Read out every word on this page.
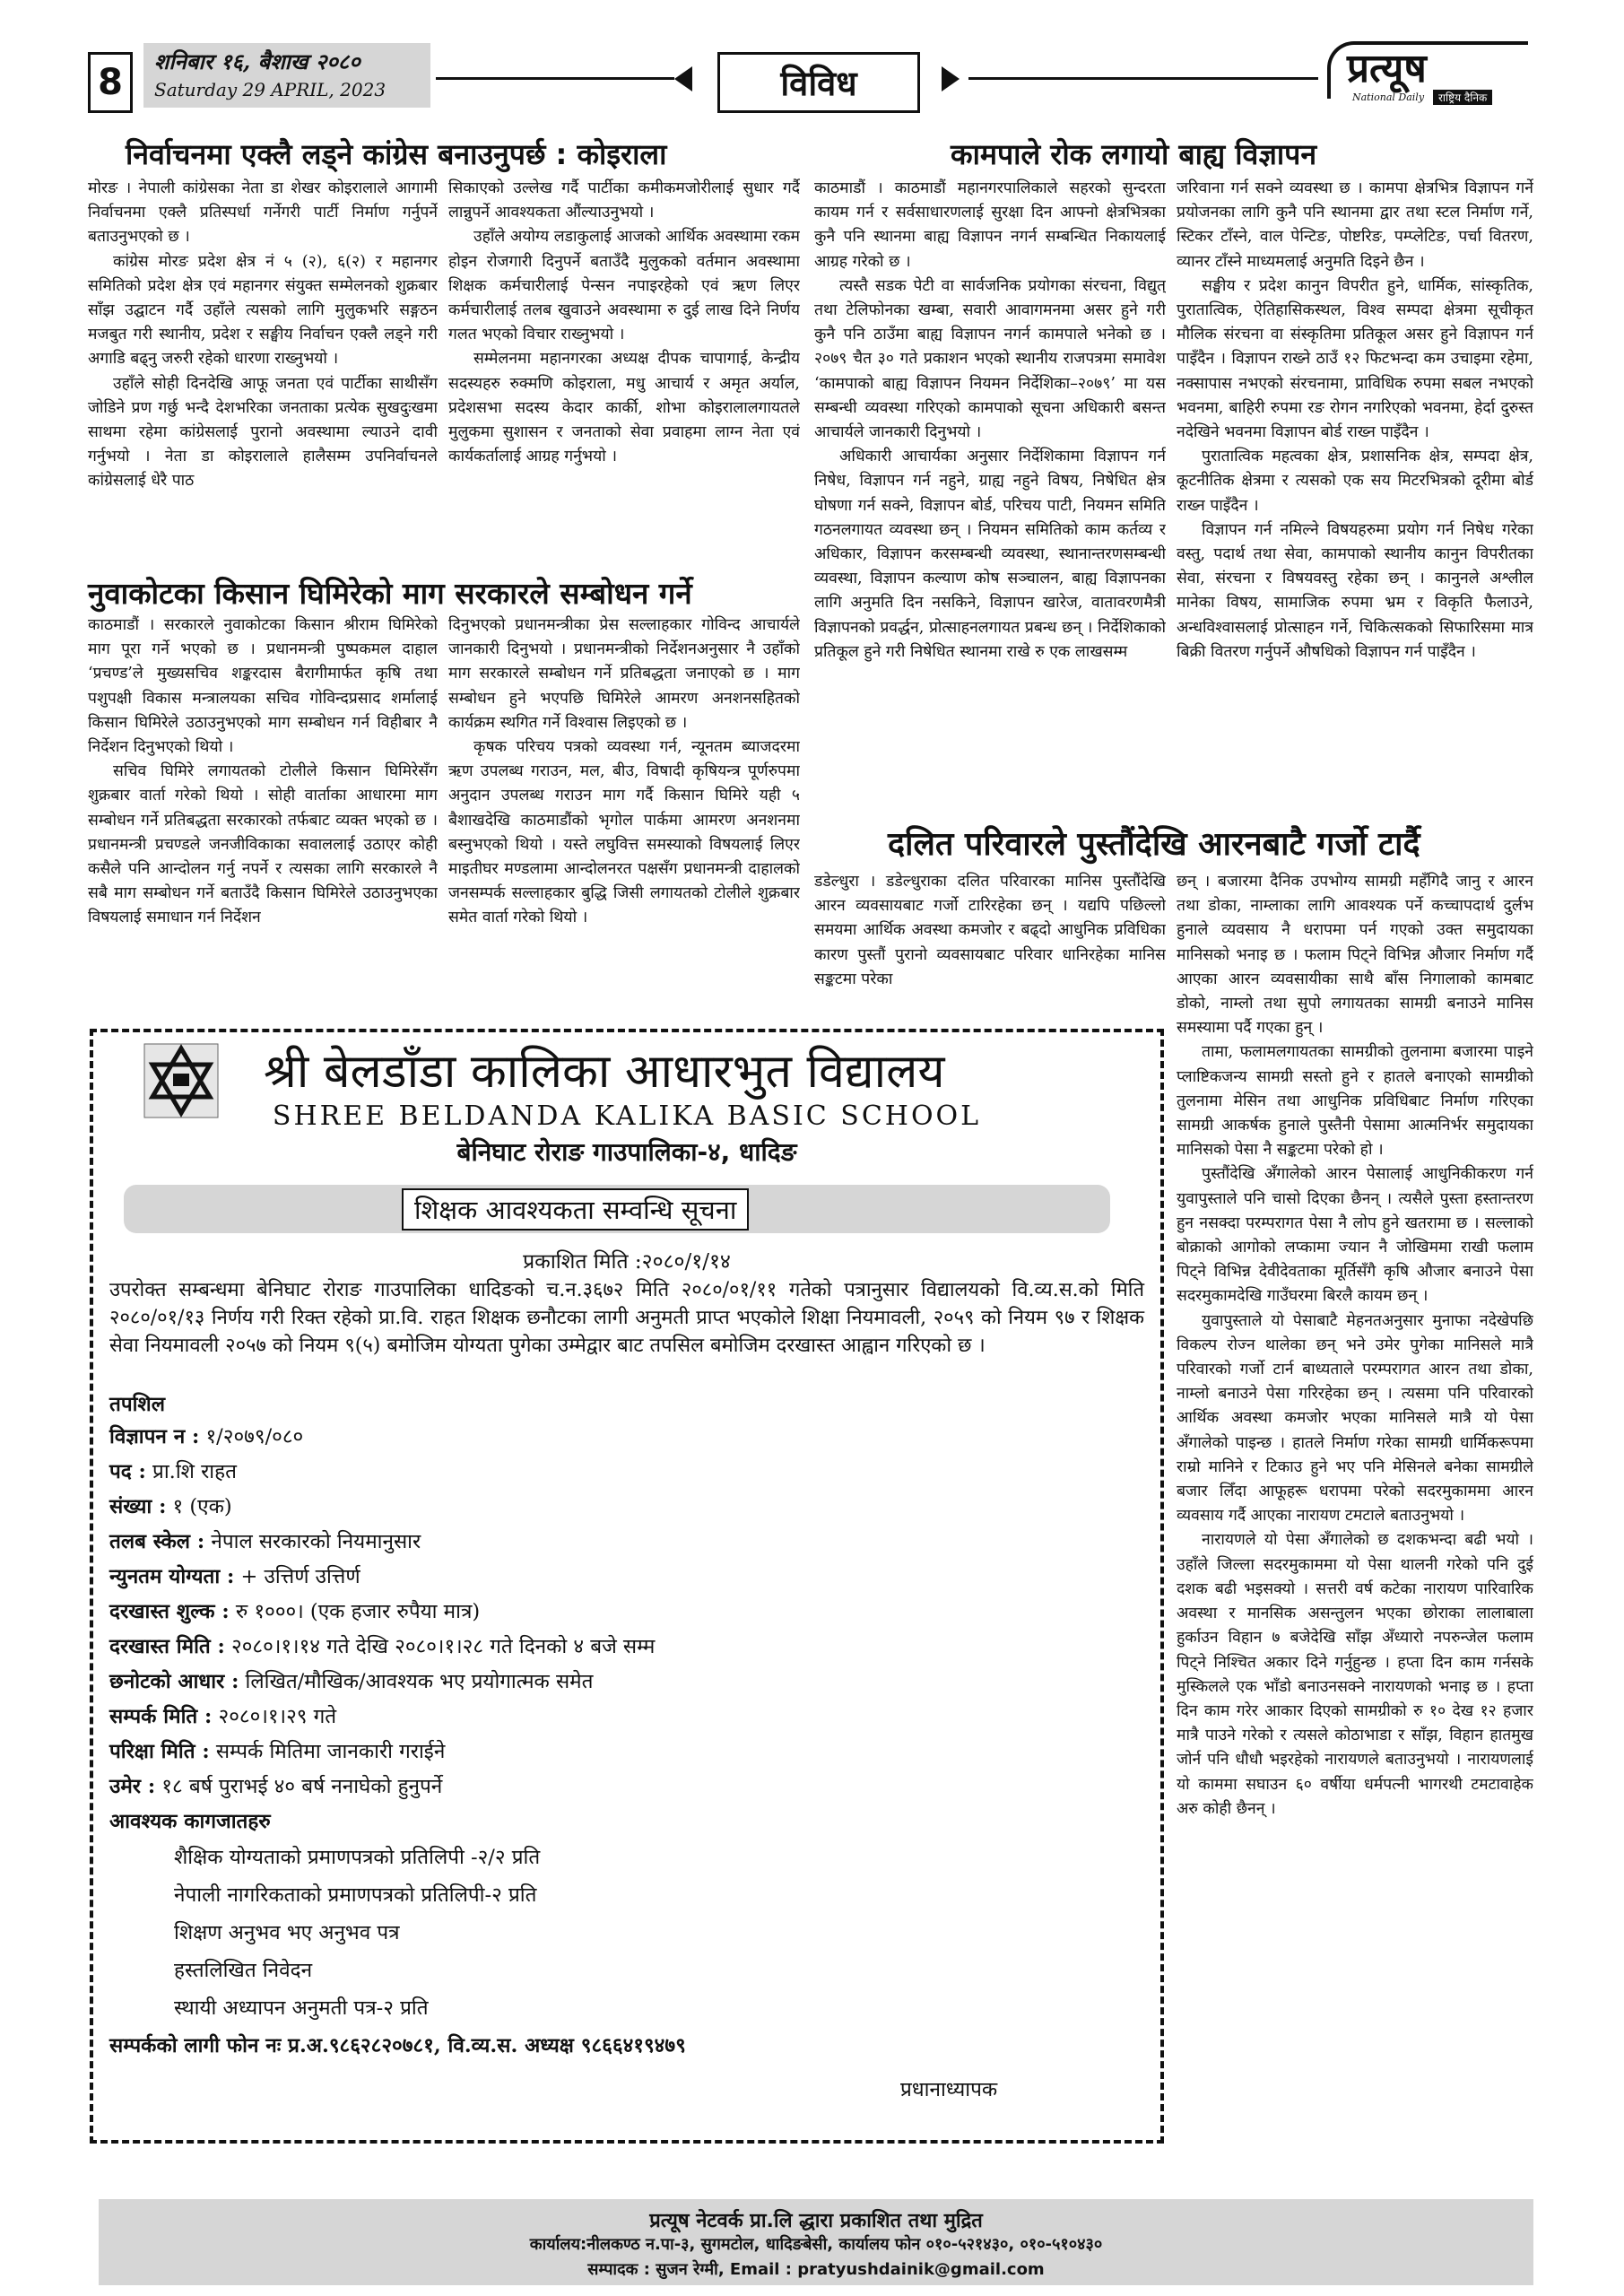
8
शनिबार १६, बैशाख २०८०
Saturday 29 APRIL, 2023	विविध	प्रत्यूष
National Daily	राष्ट्रिय दैनिक
निर्वाचनमा एक्लै लड्ने कांग्रेस बनाउनुपर्छ : कोइराला

मोरङ । नेपाली कांग्रेसका नेता डा शेखर कोइरालाले आगामी निर्वाचनमा एक्लै प्रतिस्पर्धा गर्नेगरी पार्टी निर्माण गर्नुपर्ने बताउनुभएको छ ।

कांग्रेस मोरङ प्रदेश क्षेत्र नं ५ (२), ६(२) र महानगर समितिको प्रदेश क्षेत्र एवं महानगर संयुक्त सम्मेलनको शुक्रबार साँझ उद्घाटन गर्दै उहाँले त्यसको लागि मुलुकभरि सङ्गठन मजबुत गरी स्थानीय, प्रदेश र सङ्घीय निर्वाचन एक्लै लड्ने गरी अगाडि बढ्नु जरुरी रहेको धारणा राख्नुभयो ।

उहाँले सोही दिनदेखि आफू जनता एवं पार्टीका साथीसँग जोडिने प्रण गर्छु भन्दै देशभरिका जनताका प्रत्येक सुखदुःखमा साथमा रहेमा कांग्रेसलाई पुरानो अवस्थामा ल्याउने दावी गर्नुभयो । नेता डा कोइरालाले हालैसम्म उपनिर्वाचनले कांग्रेसलाई धेरै पाठ

सिकाएको उल्लेख गर्दै पार्टीका कमीकमजोरीलाई सुधार गर्दै लान्नुपर्ने आवश्यकता औंल्याउनुभयो ।

उहाँले अयोग्य लडाकुलाई आजको आर्थिक अवस्थामा रकम होइन रोजगारी दिनुपर्ने बताउँदै मुलुकको वर्तमान अवस्थामा शिक्षक कर्मचारीलाई पेन्सन नपाइरहेको एवं ऋण लिएर कर्मचारीलाई तलब खुवाउने अवस्थामा रु दुई लाख दिने निर्णय गलत भएको विचार राख्नुभयो ।

सम्मेलनमा महानगरका अध्यक्ष दीपक चापागाई, केन्द्रीय सदस्यहरु रुक्मणि कोइराला, मधु आचार्य र अमृत अर्याल, प्रदेशसभा सदस्य केदार कार्की, शोभा कोइरालालगायतले मुलुकमा सुशासन र जनताको सेवा प्रवाहमा लाग्न नेता एवं कार्यकर्तालाई आग्रह गर्नुभयो ।

नुवाकोटका किसान घिमिरेको माग सरकारले सम्बोधन गर्ने

काठमाडौं । सरकारले नुवाकोटका किसान श्रीराम घिमिरेको माग पूरा गर्ने भएको छ । प्रधानमन्त्री पुष्पकमल दाहाल ‘प्रचण्ड’ले मुख्यसचिव शङ्करदास बैरागीमार्फत कृषि तथा पशुपक्षी विकास मन्त्रालयका सचिव गोविन्दप्रसाद शर्मालाई किसान घिमिरेले उठाउनुभएको माग सम्बोधन गर्न विहीबार नै निर्देशन दिनुभएको थियो ।

सचिव घिमिरे लगायतको टोलीले किसान घिमिरेसँग शुक्रबार वार्ता गरेको थियो । सोही वार्ताका आधारमा माग सम्बोधन गर्ने प्रतिबद्धता सरकारको तर्फबाट व्यक्त भएको छ ।प्रधानमन्त्री प्रचण्डले जनजीविकाका सवाललाई उठाएर कोही कसैले पनि आन्दोलन गर्नु नपर्ने र त्यसका लागि सरकारले नै सबै माग सम्बोधन गर्ने बताउँदै किसान घिमिरेले उठाउनुभएका विषयलाई समाधान गर्न निर्देशन

दिनुभएको प्रधानमन्त्रीका प्रेस सल्लाहकार गोविन्द आचार्यले जानकारी दिनुभयो । प्रधानमन्त्रीको निर्देशनअनुसार नै उहाँको माग सरकारले सम्बोधन गर्ने प्रतिबद्धता जनाएको छ । माग सम्बोधन हुने भएपछि घिमिरेले आमरण अनशनसहितको कार्यक्रम स्थगित गर्ने विश्वास लिइएको छ ।

कृषक परिचय पत्रको व्यवस्था गर्न, न्यूनतम ब्याजदरमा ऋण उपलब्ध गराउन, मल, बीउ, विषादी कृषियन्त्र पूर्णरुपमा अनुदान उपलब्ध गराउन माग गर्दै किसान घिमिरे यही ५ बैशाखदेखि काठमाडौंको भृगोल पार्कमा आमरण अनशनमा बस्नुभएको थियो । यस्ते लघुवित्त समस्याको विषयलाई लिएर माइतीघर मण्डलामा आन्दोलनरत पक्षसँग प्रधानमन्त्री दाहालको जनसम्पर्क सल्लाहकार बुद्धि जिसी लगायतको टोलीले शुक्रबार समेत वार्ता गरेको थियो ।

कामपाले रोक लगायो बाह्य विज्ञापन

काठमाडौं । काठमाडौं महानगरपालिकाले सहरको सुन्दरता कायम गर्न र सर्वसाधारणलाई सुरक्षा दिन आफ्नो क्षेत्रभित्रका कुनै पनि स्थानमा बाह्य विज्ञापन नगर्न सम्बन्धित निकायलाई आग्रह गरेको छ ।

त्यस्तै सडक पेटी वा सार्वजनिक प्रयोगका संरचना, विद्युत् तथा टेलिफोनका खम्बा, सवारी आवागमनमा असर हुने गरी कुनै पनि ठाउँमा बाह्य विज्ञापन नगर्न कामपाले भनेको छ । २०७९ चैत ३० गते प्रकाशन भएको स्थानीय राजपत्रमा समावेश ‘कामपाको बाह्य विज्ञापन नियमन निर्देशिका–२०७९’ मा यस सम्बन्धी व्यवस्था गरिएको कामपाको सूचना अधिकारी बसन्त आचार्यले जानकारी दिनुभयो ।

अधिकारी आचार्यका अनुसार निर्देशिकामा विज्ञापन गर्न निषेध, विज्ञापन गर्न नहुने, ग्राह्य नहुने विषय, निषेधित क्षेत्र घोषणा गर्न सक्ने, विज्ञापन बोर्ड, परिचय पाटी, नियमन समिति गठनलगायत व्यवस्था छन् । नियमन समितिको काम कर्तव्य र अधिकार, विज्ञापन करसम्बन्धी व्यवस्था, स्थानान्तरणसम्बन्धी व्यवस्था, विज्ञापन कल्याण कोष सञ्चालन, बाह्य विज्ञापनका लागि अनुमति दिन नसकिने, विज्ञापन खारेज, वातावरणमैत्री विज्ञापनको प्रवर्द्धन, प्रोत्साहनलगायत प्रबन्ध छन् । निर्देशिकाको प्रतिकूल हुने गरी निषेधित स्थानमा राखे रु एक लाखसम्म

जरिवाना गर्न सक्ने व्यवस्था छ । कामपा क्षेत्रभित्र विज्ञापन गर्ने प्रयोजनका लागि कुनै पनि स्थानमा द्वार तथा स्टल निर्माण गर्ने, स्टिकर टाँस्ने, वाल पेन्टिङ, पोष्टरिङ, पम्प्लेटिङ, पर्चा वितरण, व्यानर टाँस्ने माध्यमलाई अनुमति दिइने छैन ।

सङ्घीय र प्रदेश कानुन विपरीत हुने, धार्मिक, सांस्कृतिक, पुरातात्विक, ऐतिहासिकस्थल, विश्व सम्पदा क्षेत्रमा सूचीकृत मौलिक संरचना वा संस्कृतिमा प्रतिकूल असर हुने विज्ञापन गर्न पाइँदैन । विज्ञापन राख्ने ठाउँ १२ फिटभन्दा कम उचाइमा रहेमा, नक्सापास नभएको संरचनामा, प्राविधिक रुपमा सबल नभएको भवनमा, बाहिरी रुपमा रङ रोगन नगरिएको भवनमा, हेर्दा दुरुस्त नदेखिने भवनमा विज्ञापन बोर्ड राख्न पाइँदैन ।

पुरातात्विक महत्वका क्षेत्र, प्रशासनिक क्षेत्र, सम्पदा क्षेत्र, कूटनीतिक क्षेत्रमा र त्यसको एक सय मिटरभित्रको दूरीमा बोर्ड राख्न पाइँदैन ।

विज्ञापन गर्न नमिल्ने विषयहरुमा प्रयोग गर्न निषेध गरेका वस्तु, पदार्थ तथा सेवा, कामपाको स्थानीय कानुन विपरीतका सेवा, संरचना र विषयवस्तु रहेका छन् । कानुनले अश्लील मानेका विषय, सामाजिक रुपमा भ्रम र विकृति फैलाउने, अन्धविश्वासलाई प्रोत्साहन गर्ने, चिकित्सकको सिफारिसमा मात्र बिक्री वितरण गर्नुपर्ने औषधिको विज्ञापन गर्न पाइँदैन ।

दलित परिवारले पुस्तौंदेखि आरनबाटै गर्जो टार्दै

डडेल्धुरा । डडेल्धुराका दलित परिवारका मानिस पुस्तौंदेखि आरन व्यवसायबाट गर्जो टारिरहेका छन् । यद्यपि पछिल्लो समयमा आर्थिक अवस्था कमजोर र बढ्दो आधुनिक प्रविधिका कारण पुस्तौं पुरानो व्यवसायबाट परिवार धानिरहेका मानिस सङ्कटमा परेका

छन् । बजारमा दैनिक उपभोग्य सामग्री महँगिदै जानु र आरन तथा डोका, नाम्लाका लागि आवश्यक पर्ने कच्चापदार्थ दुर्लभ हुनाले व्यवसाय नै धरापमा पर्न गएको उक्त समुदायका मानिसको भनाइ छ । फलाम पिट्ने विभिन्न औजार निर्माण गर्दै आएका आरन व्यवसायीका साथै बाँस निगालाको कामबाट डोको, नाम्लो तथा सुपो लगायतका सामग्री बनाउने मानिस समस्यामा पर्दै गएका हुन् ।

तामा, फलामलगायतका सामग्रीको तुलनामा बजारमा पाइने प्लाष्टिकजन्य सामग्री सस्तो हुने र हातले बनाएको सामग्रीको तुलनामा मेसिन तथा आधुनिक प्रविधिबाट निर्माण गरिएका सामग्री आकर्षक हुनाले पुस्तैनी पेसामा आत्मनिर्भर समुदायका मानिसको पेसा नै सङ्कटमा परेको हो ।

पुस्तौंदेखि अँगालेको आरन पेसालाई आधुनिकीकरण गर्न युवापुस्ताले पनि चासो दिएका छैनन् । त्यसैले पुस्ता हस्तान्तरण हुन नसक्दा परम्परागत पेसा नै लोप हुने खतरामा छ । सल्लाको बोक्राको आगोको लप्कामा ज्यान नै जोखिममा राखी फलाम पिट्ने विभिन्न देवीदेवताका मूर्तिसँगै कृषि औजार बनाउने पेसा सदरमुकामदेखि गाउँघरमा बिरलै कायम छन् ।

युवापुस्ताले यो पेसाबाटै मेहनतअनुसार मुनाफा नदेखेपछि विकल्प रोज्न थालेका छन् भने उमेर पुगेका मानिसले मात्रै परिवारको गर्जो टार्न बाध्यताले परम्परागत आरन तथा डोका, नाम्लो बनाउने पेसा गरिरहेका छन् । त्यसमा पनि परिवारको आर्थिक अवस्था कमजोर भएका मानिसले मात्रै यो पेसा अँगालेको पाइन्छ । हातले निर्माण गरेका सामग्री धार्मिकरूपमा राम्रो मानिने र टिकाउ हुने भए पनि मेसिनले बनेका सामग्रीले बजार लिँदा आफूहरू धरापमा परेको सदरमुकाममा आरन व्यवसाय गर्दै आएका नारायण टमटाले बताउनुभयो ।

नारायणले यो पेसा अँगालेको छ दशकभन्दा बढी भयो । उहाँले जिल्ला सदरमुकाममा यो पेसा थालनी गरेको पनि दुई दशक बढी भइसक्यो । सत्तरी वर्ष कटेका नारायण पारिवारिक अवस्था र मानसिक असन्तुलन भएका छोराका लालाबाला हुर्काउन विहान ७ बजेदेखि साँझ अँध्यारो नपरुन्जेल फलाम पिट्ने निश्चित अकार दिने गर्नुहुन्छ । हप्ता दिन काम गर्नसके मुस्किलले एक भाँडो बनाउनसक्ने नारायणको भनाइ छ । हप्ता दिन काम गरेर आकार दिएको सामग्रीको रु १० देख १२ हजार मात्रै पाउने गरेको र त्यसले कोठाभाडा र साँझ, विहान हातमुख जोर्न पनि धौधौ भइरहेको नारायणले बताउनुभयो । नारायणलाई यो काममा सघाउन ६० वर्षीया धर्मपत्नी भागरथी टमटावाहेक अरु कोही छैनन् ।

श्री बेलडाँडा कालिका आधारभुत विद्यालय
SHREE BELDANDA KALIKA BASIC SCHOOL
बेनिघाट रोराङ गाउपालिका-४, धादिङ
शिक्षक आवश्यकता सम्वन्धि सूचना
प्रकाशित मिति :२०८०/१/१४
उपरोक्त सम्बन्धमा बेनिघाट रोराङ गाउपालिका धादिङको च.न.३६७२ मिति २०८०/०१/११ गतेको पत्रानुसार विद्यालयको वि.व्य.स.को मिति २०८०/०१/१३ निर्णय गरी रिक्त रहेको प्रा.वि. राहत शिक्षक छनौटका लागी अनुमती प्राप्त भएकोले शिक्षा नियमावली, २०५९ को नियम ९७ र शिक्षक सेवा नियमावली २०५७ को नियम ९(५) बमोजिम योग्यता पुगेका उम्मेद्वार बाट तपसिल बमोजिम दरखास्त आह्वान गरिएको छ ।
तपशिल
विज्ञापन न : १/२०७९/०८०
पद : प्रा.शि राहत
संख्या : १ (एक)
तलब स्केल : नेपाल सरकारको नियमानुसार
न्युनतम योग्यता : + उत्तिर्ण उत्तिर्ण
दरखास्त शुल्क : रु १०००। (एक हजार रुपैया मात्र)
दरखास्त मिति : २०८०।१।१४ गते देखि २०८०।१।२८ गते दिनको ४ बजे सम्म
छनोटको आधार : लिखित/मौखिक/आवश्यक भए प्रयोगात्मक समेत
सम्पर्क मिति : २०८०।१।२९ गते
परिक्षा मिति : सम्पर्क मितिमा जानकारी गराईने
उमेर : १८ बर्ष पुराभई ४० बर्ष ननाघेको हुनुपर्ने
आवश्यक कागजातहरु
शैक्षिक योग्यताको प्रमाणपत्रको प्रतिलिपी -२/२ प्रति
नेपाली नागरिकताको प्रमाणपत्रको प्रतिलिपी-२ प्रति
शिक्षण अनुभव भए अनुभव पत्र
हस्तलिखित निवेदन
स्थायी अध्यापन अनुमती पत्र-२ प्रति
सम्पर्कको लागी फोन नः प्र.अ.९८६२८२०७८१, वि.व्य.स. अध्यक्ष ९८६६४१९४७९
प्रधानाध्यापक
प्रत्यूष नेटवर्क प्रा.लि द्धारा प्रकाशित तथा मुद्रित
कार्यालय:नीलकण्ठ न.पा-३, सुगमटोल, धादिङबेसी, कार्यालय फोन ०१०-५२१४३०, ०१०-५१०४३०
सम्पादक : सुजन रेग्मी, Email : pratyushdainik@gmail.com
